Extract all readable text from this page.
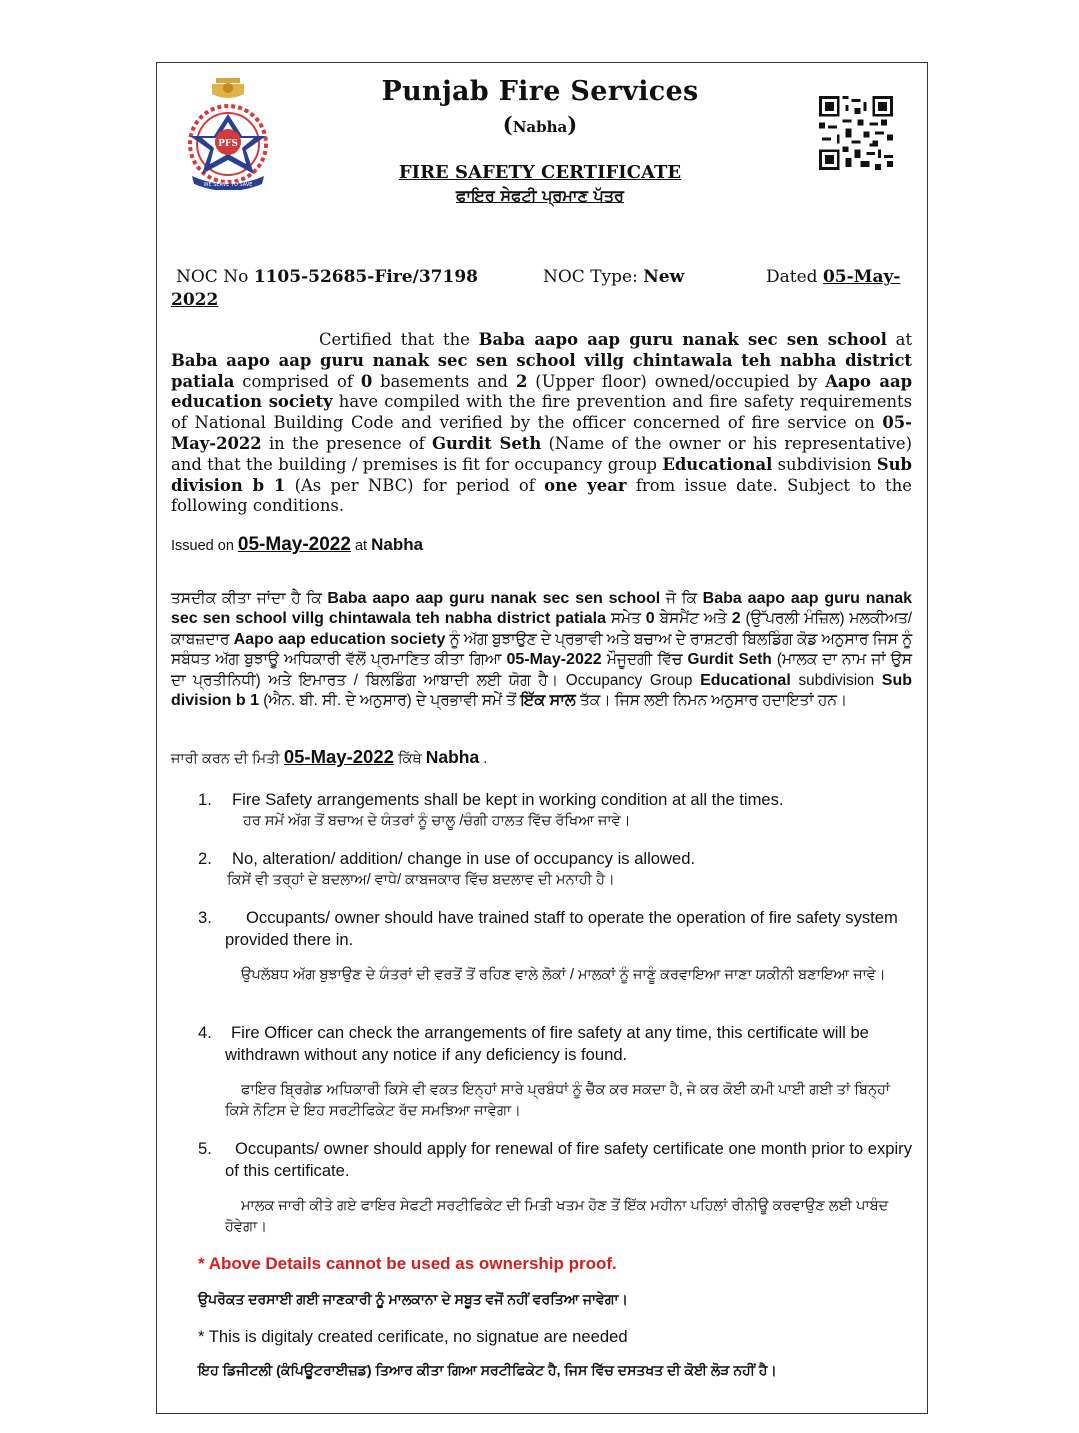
PFS
WE SERVE TO SAVE
Punjab Fire Services
(Nabha)
FIRE SAFETY CERTIFICATE
ਫਾਇਰ ਸੇਫਟੀ ਪ੍ਰਮਾਣ ਪੱਤਰ
NOC No 1105-52685-Fire/37198	NOC Type: New	Dated 05-May-
2022
Certified that the Baba aapo aap guru nanak sec sen school at Baba aapo aap guru nanak sec sen school villg chintawala teh nabha district patiala comprised of 0 basements and 2 (Upper floor) owned/occupied by Aapo aap education society have compiled with the fire prevention and fire safety requirements of National Building Code and verified by the officer concerned of fire service on 05-May-2022 in the presence of Gurdit Seth (Name of the owner or his representative) and that the building / premises is fit for occupancy group Educational subdivision Sub division b 1 (As per NBC) for period of one year from issue date. Subject to the following conditions.
Issued on 05-May-2022 at Nabha
ਤਸਦੀਕ ਕੀਤਾ ਜਾਂਦਾ ਹੈ ਕਿ Baba aapo aap guru nanak sec sen school ਜੋ ਕਿ Baba aapo aap guru nanak sec sen school villg chintawala teh nabha district patiala ਸਮੇਤ 0 ਬੇਸਮੈਂਟ ਅਤੇ 2 (ਉੱਪਰਲੀ ਮੰਜ਼ਿਲ) ਮਲਕੀਅਤ/ਕਾਬਜ਼ਦਾਰ Aapo aap education society ਨੂੰ ਅੱਗ ਬੁਝਾਉਣ ਦੇ ਪ੍ਰਭਾਵੀ ਅਤੇ ਬਚਾਅ ਦੇ ਰਾਸ਼ਟਰੀ ਬਿਲਡਿੰਗ ਕੋਡ ਅਨੁਸਾਰ ਜਿਸ ਨੂੰ ਸਬੰਧਤ ਅੱਗ ਬੁਝਾਊ ਅਧਿਕਾਰੀ ਵੱਲੋਂ ਪ੍ਰਮਾਣਿਤ ਕੀਤਾ ਗਿਆ 05-May-2022 ਮੌਜੂਦਗੀ ਵਿੱਚ Gurdit Seth (ਮਾਲਕ ਦਾ ਨਾਮ ਜਾਂ ਉਸ ਦਾ ਪ੍ਰਤੀਨਿਧੀ) ਅਤੇ ਇਮਾਰਤ / ਬਿਲਡਿੰਗ ਆਬਾਦੀ ਲਈ ਯੋਗ ਹੈ। Occupancy Group Educational subdivision Sub division b 1 (ਐਨ. ਬੀ. ਸੀ. ਦੇ ਅਨੁਸਾਰ) ਦੇ ਪ੍ਰਭਾਵੀ ਸਮੇਂ ਤੋਂ ਇੱਕ ਸਾਲ ਤੱਕ। ਜਿਸ ਲਈ ਨਿਮਨ ਅਨੁਸਾਰ ਹਦਾਇਤਾਂ ਹਨ।
ਜਾਰੀ ਕਰਨ ਦੀ ਮਿਤੀ 05-May-2022 ਕਿੱਥੇ Nabha .
1. Fire Safety arrangements shall be kept in working condition at all the times.
ਹਰ ਸਮੇਂ ਅੱਗ ਤੋਂ ਬਚਾਅ ਦੇ ਯੰਤਰਾਂ ਨੂੰ ਚਾਲੂ /ਚੰਗੀ ਹਾਲਤ ਵਿੱਚ ਰੱਖਿਆ ਜਾਵੇ।
2. No, alteration/ addition/ change in use of occupancy is allowed.
ਕਿਸੇਂ ਵੀ ਤਰ੍ਹਾਂ ਦੇ ਬਦਲਾਅ/ ਵਾਧੇ/ ਕਾਬਜਕਾਰ ਵਿੱਚ ਬਦਲਾਵ ਦੀ ਮਨਾਹੀ ਹੈ।
3.	Occupants/ owner should have trained staff to operate the operation of fire safety system provided there in.
ਉਪਲੱਬਧ ਅੱਗ ਬੁਝਾਉਣ ਦੇ ਯੰਤਰਾਂ ਦੀ ਵਰਤੋਂ ਤੋਂ ਰਹਿਣ ਵਾਲੇ ਲੋਕਾਂ / ਮਾਲਕਾਂ ਨੂੰ ਜਾਣੂੰ ਕਰਵਾਇਆ ਜਾਣਾ ਯਕੀਨੀ ਬਣਾਇਆ ਜਾਵੇ।
4.	Fire Officer can check the arrangements of fire safety at any time, this certificate will be withdrawn without any notice if any deficiency is found.
ਫਾਇਰ ਬ੍ਰਿਗੇਡ ਅਧਿਕਾਰੀ ਕਿਸੇ ਵੀ ਵਕਤ ਇਨ੍ਹਾਂ ਸਾਰੇ ਪ੍ਰਬੰਧਾਂ ਨੂੰ ਚੈੱਕ ਕਰ ਸਕਦਾ ਹੈ, ਜੇ ਕਰ ਕੋਈ ਕਮੀ ਪਾਈ ਗਈ ਤਾਂ ਬਿਨ੍ਹਾਂ ਕਿਸੇ ਨੋਟਿਸ ਦੇ ਇਹ ਸਰਟੀਫਿਕੇਟ ਰੱਦ ਸਮਝਿਆ ਜਾਵੇਗਾ।
5.	Occupants/ owner should apply for renewal of fire safety certificate one month prior to expiry of this certificate.
ਮਾਲਕ ਜਾਰੀ ਕੀਤੇ ਗਏ ਫਾਇਰ ਸੇਫਟੀ ਸਰਟੀਫਿਕੇਟ ਦੀ ਮਿਤੀ ਖਤਮ ਹੋਣ ਤੋਂ ਇੱਕ ਮਹੀਨਾ ਪਹਿਲਾਂ ਰੀਨੀਊ ਕਰਵਾਉਣ ਲਈ ਪਾਬੰਦ ਹੋਵੇਗਾ।
* Above Details cannot be used as ownership proof.
ਉਪਰੋਕਤ ਦਰਸਾਈ ਗਈ ਜਾਣਕਾਰੀ ਨੂੰ ਮਾਲਕਾਨਾ ਦੇ ਸਬੂਤ ਵਜੋਂ ਨਹੀਂ ਵਰਤਿਆ ਜਾਵੇਗਾ।
* This is digitaly created cerificate, no signatue are needed
ਇਹ ਡਿਜੀਟਲੀ (ਕੰਪਿਊਟਰਾਈਜ਼ਡ) ਤਿਆਰ ਕੀਤਾ ਗਿਆ ਸਰਟੀਫਿਕੇਟ ਹੈ, ਜਿਸ ਵਿੱਚ ਦਸਤਖਤ ਦੀ ਕੋਈ ਲੋੜ ਨਹੀਂ ਹੈ।
